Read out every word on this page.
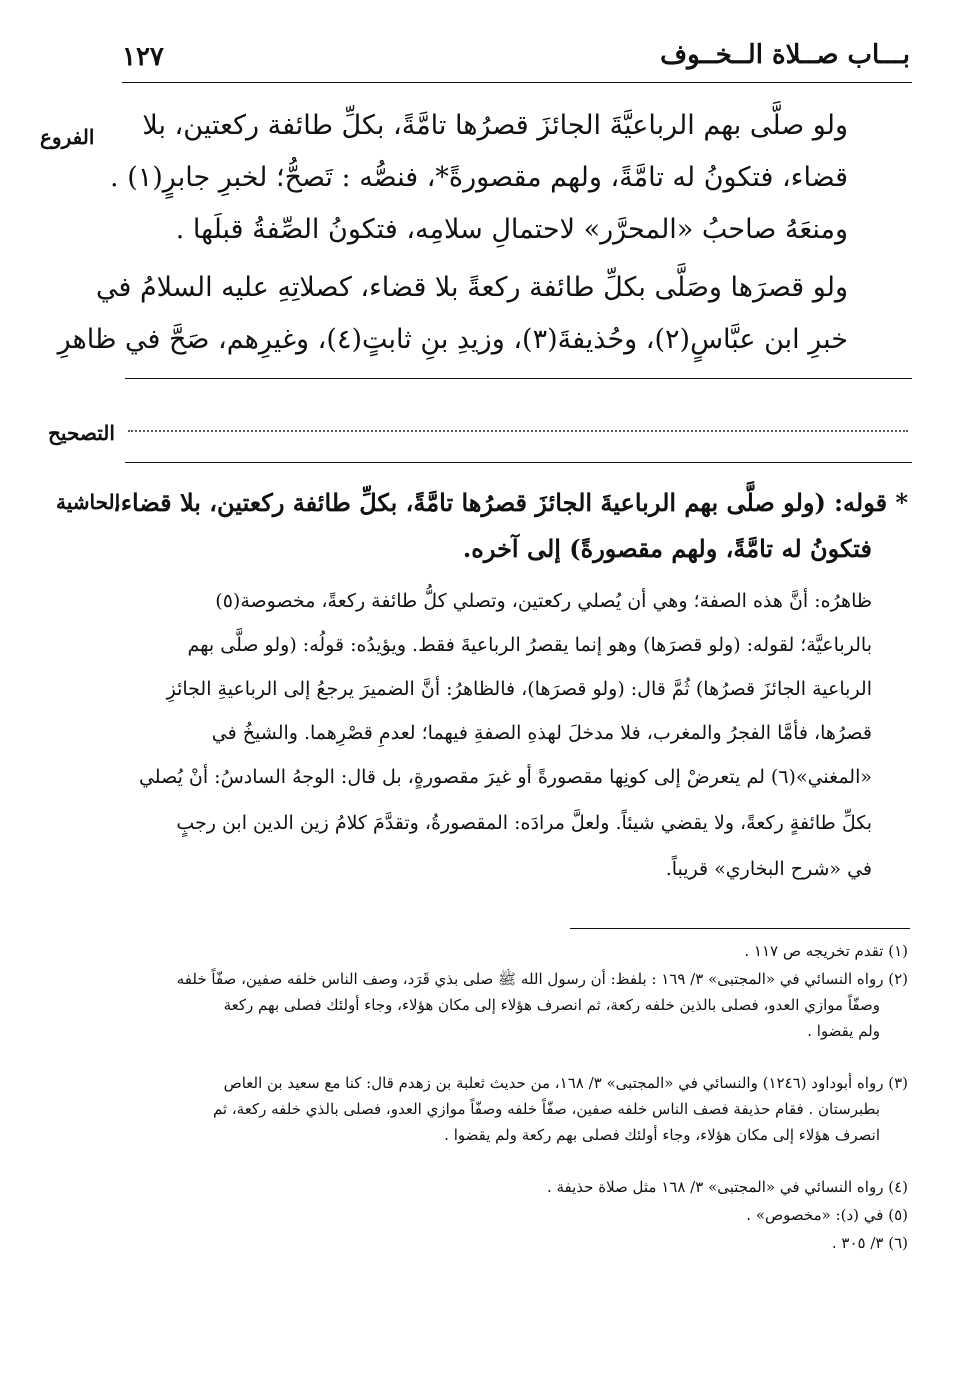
بـــاب صــلاة الــخــوف
١٢٧
الفروع
التصحيح
الحاشية
ولو صلَّى بهم الرباعيَّةَ الجائزَ قصرُها تامَّةً، بكلِّ طائفة ركعتين، بلا
قضاء، فتكونُ له تامَّةً، ولهم مقصورةً*، فنصُّه : تَصحُّ؛ لخبرِ جابرٍ(١) .
ومنعَهُ صاحبُ «المحرَّر» لاحتمالِ سلامِه، فتكونُ الصِّفةُ قبلَها .
ولو قصرَها وصَلَّى بكلِّ طائفة ركعةً بلا قضاء، كصلاتِهِ عليه السلامُ في
خبرِ ابن عبَّاسٍ(٢)، وحُذيفةَ(٣)، وزيدِ بنِ ثابتٍ(٤)، وغيرِهم، صَحَّ في ظاهرِ
* قوله: (ولو صلَّى بهم الرباعيةَ الجائزَ قصرُها تامَّةً، بكلِّ طائفة ركعتين، بلا قضاء،
فتكونُ له تامَّةً، ولهم مقصورةً) إلى آخره.
ظاهرُه: أنَّ هذه الصفة؛ وهي أن يُصلي ركعتين، وتصلي كلُّ طائفة ركعةً، مخصوصة(٥)
بالرباعيَّة؛ لقوله: (ولو قصرَها) وهو إنما يقصرُ الرباعيةَ فقط. ويؤيدُه: قولُه: (ولو صلَّى بهم
الرباعية الجائزَ قصرُها) ثُمَّ قال: (ولو قصرَها)، فالظاهرُ: أنَّ الضميرَ يرجعُ إلى الرباعيةِ الجائزِ
قصرُها، فأمَّا الفجرُ والمغرب، فلا مدخلَ لهذهِ الصفةِ فيهما؛ لعدمِ قصْرِهما. والشيخُ في
«المغني»(٦) لم يتعرضْ إلى كونِها مقصورةً أو غيرَ مقصورةٍ، بل قال: الوجهُ السادسُ: أنْ يُصلي
بكلِّ طائفةٍ ركعةً، ولا يقضي شيئاً. ولعلَّ مرادَه: المقصورةُ، وتقدَّمَ كلامُ زين الدين ابن رجبٍ
في «شرح البخاري» قريباً.
(١) تقدم تخريجه ص ١١٧ .
(٢) رواه النسائي في «المجتبى» ٣/ ١٦٩ : بلفظ: أن رسول الله ﷺ صلى بذي قَرَد، وصف الناس خلفه صفين، صفّاً خلفه
وصفّاً موازي العدو، فصلى بالذين خلفه ركعة، ثم انصرف هؤلاء إلى مكان هؤلاء، وجاء أولئك فصلى بهم ركعة
ولم يقضوا .
(٣) رواه أبوداود (١٢٤٦) والنسائي في «المجتبى» ٣/ ١٦٨، من حديث ثعلبة بن زهدم قال: كنا مع سعيد بن العاص
بطبرستان . فقام حذيفة فصف الناس خلفه صفين، صفّاً خلفه وصفّاً موازي العدو، فصلى بالذي خلفه ركعة، ثم
انصرف هؤلاء إلى مكان هؤلاء، وجاء أولئك فصلى بهم ركعة ولم يقضوا .
(٤) رواه النسائي في «المجتبى» ٣/ ١٦٨ مثل صلاة حذيفة .
(٥) في (د): «مخصوص» .
(٦) ٣/ ٣٠٥ .
